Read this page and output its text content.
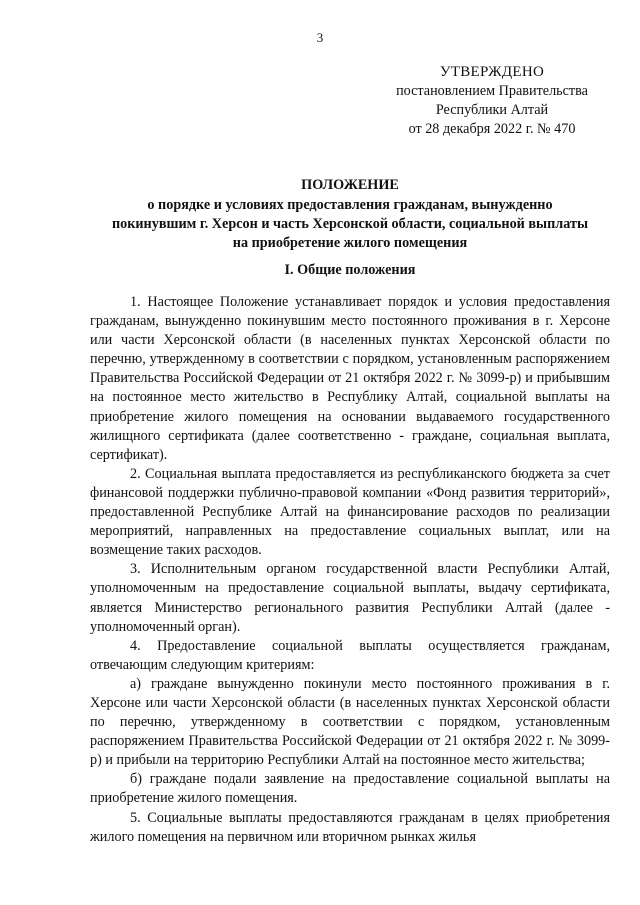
3
УТВЕРЖДЕНО
постановлением Правительства
Республики Алтай
от 28 декабря 2022 г. № 470
ПОЛОЖЕНИЕ
о порядке и условиях предоставления гражданам, вынужденно
покинувшим г. Херсон и часть Херсонской области, социальной выплаты
на приобретение жилого помещения
I. Общие положения

1. Настоящее Положение устанавливает порядок и условия предоставления гражданам, вынужденно покинувшим место постоянного проживания в г. Херсоне или части Херсонской области (в населенных пунктах Херсонской области по перечню, утвержденному в соответствии с порядком, установленным распоряжением Правительства Российской Федерации от 21 октября 2022 г. № 3099-р) и прибывшим на постоянное место жительство в Республику Алтай, социальной выплаты на приобретение жилого помещения на основании выдаваемого государственного жилищного сертификата (далее соответственно - граждане, социальная выплата, сертификат).

2. Социальная выплата предоставляется из республиканского бюджета за счет финансовой поддержки публично-правовой компании «Фонд развития территорий», предоставленной Республике Алтай на финансирование расходов по реализации мероприятий, направленных на предоставление социальных выплат, или на возмещение таких расходов.

3. Исполнительным органом государственной власти Республики Алтай, уполномоченным на предоставление социальной выплаты, выдачу сертификата, является Министерство регионального развития Республики Алтай (далее - уполномоченный орган).

4. Предоставление социальной выплаты осуществляется гражданам, отвечающим следующим критериям:

а) граждане вынужденно покинули место постоянного проживания в г. Херсоне или части Херсонской области (в населенных пунктах Херсонской области по перечню, утвержденному в соответствии с порядком, установленным распоряжением Правительства Российской Федерации от 21 октября 2022 г. № 3099-р) и прибыли на территорию Республики Алтай на постоянное место жительства;

б) граждане подали заявление на предоставление социальной выплаты на приобретение жилого помещения.

5. Социальные выплаты предоставляются гражданам в целях приобретения жилого помещения на первичном или вторичном рынках жилья
